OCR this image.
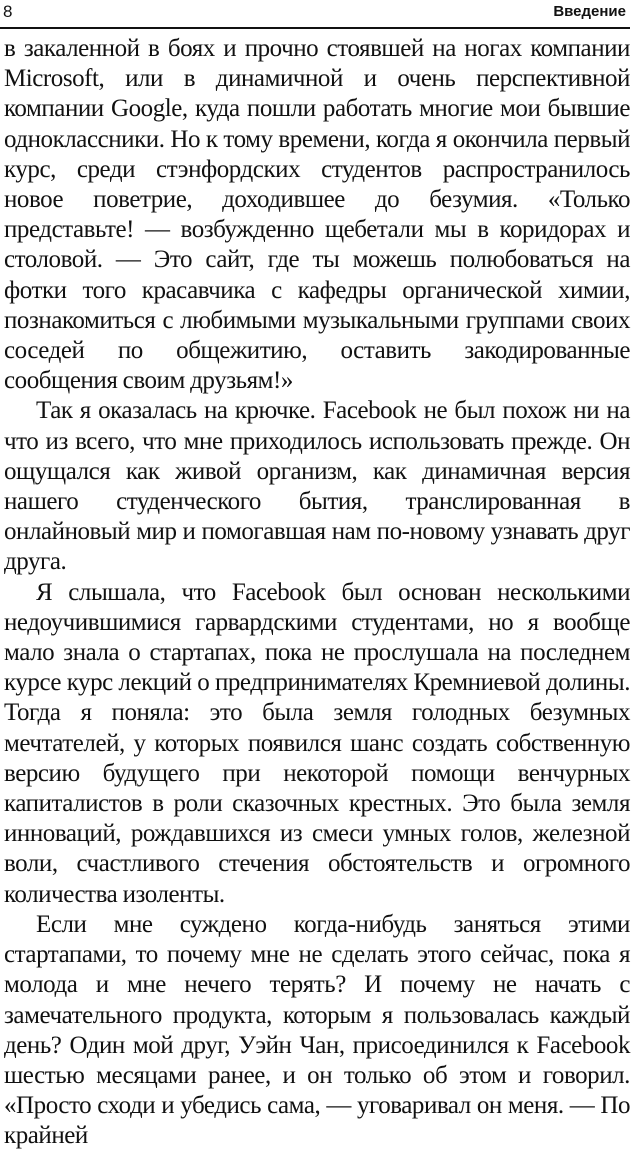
8	Введение

в закаленной в боях и прочно стоявшей на ногах компании Microsoft, или в динамичной и очень перспективной компании Google, куда пошли работать многие мои бывшие одноклассники. Но к тому времени, когда я окончила первый курс, среди стэнфордских студентов распространилось новое поветрие, доходившее до безумия. «Только представьте! — возбужденно щебетали мы в коридорах и столовой. — Это сайт, где ты можешь полюбоваться на фотки того красавчика с кафедры органической химии, познакомиться с любимыми музыкальными группами своих соседей по общежитию, оставить закодированные сообщения своим друзьям!»

Так я оказалась на крючке. Facebook не был похож ни на что из всего, что мне приходилось использовать прежде. Он ощущался как живой организм, как динамичная версия нашего студенческого бытия, транслированная в онлайновый мир и помогавшая нам по-новому узнавать друг друга.

Я слышала, что Facebook был основан несколькими недоучившимися гарвардскими студентами, но я вообще мало знала о стартапах, пока не прослушала на последнем курсе курс лекций о предпринимателях Кремниевой долины. Тогда я поняла: это была земля голодных безумных мечтателей, у которых появился шанс создать собственную версию будущего при некоторой помощи венчурных капиталистов в роли сказочных крестных. Это была земля инноваций, рождавшихся из смеси умных голов, железной воли, счастливого стечения обстоятельств и огромного количества изоленты.

Если мне суждено когда-нибудь заняться этими стартапами, то почему мне не сделать этого сейчас, пока я молода и мне нечего терять? И почему не начать с замечательного продукта, которым я пользовалась каждый день? Один мой друг, Уэйн Чан, присоединился к Facebook шестью месяцами ранее, и он только об этом и говорил. «Просто сходи и убедись сама, — уговаривал он меня. — По крайней
